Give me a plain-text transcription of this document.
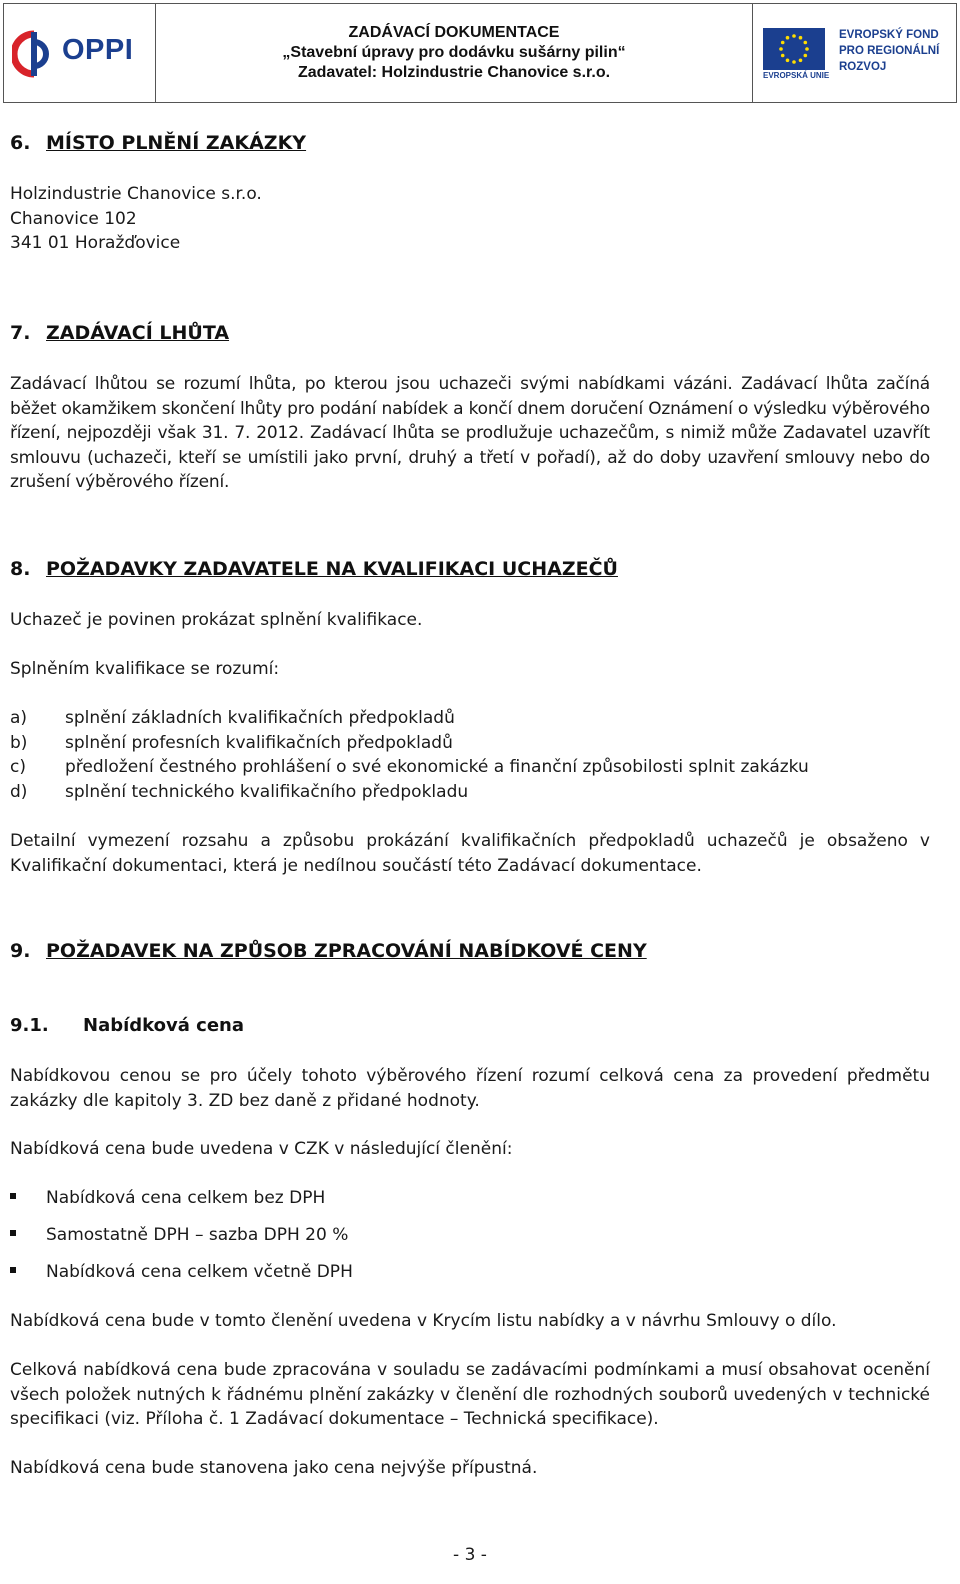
OPPI
ZADÁVACÍ DOKUMENTACE
„Stavební úpravy pro dodávku sušárny pilin“
Zadavatel: Holzindustrie Chanovice s.r.o.	EVROPSKÁ UNIE
EVROPSKÝ FOND
PRO REGIONÁLNÍ
ROZVOJ
6. MÍSTO PLNĚNÍ ZAKÁZKY
Holzindustrie Chanovice s.r.o.
Chanovice 102
341 01 Horažďovice
7. ZADÁVACÍ LHŮTA
Zadávací lhůtou se rozumí lhůta, po kterou jsou uchazeči svými nabídkami vázáni. Zadávací lhůta začíná běžet okamžikem skončení lhůty pro podání nabídek a končí dnem doručení Oznámení o výsledku výběrového řízení, nejpozději však 31. 7. 2012. Zadávací lhůta se prodlužuje uchazečům, s nimiž může Zadavatel uzavřít smlouvu (uchazeči, kteří se umístili jako první, druhý a třetí v pořadí), až do doby uzavření smlouvy nebo do zrušení výběrového řízení.
8. POŽADAVKY ZADAVATELE NA KVALIFIKACI UCHAZEČŮ
Uchazeč je povinen prokázat splnění kvalifikace.
Splněním kvalifikace se rozumí:
a) splnění základních kvalifikačních předpokladů
b) splnění profesních kvalifikačních předpokladů
c) předložení čestného prohlášení o své ekonomické a finanční způsobilosti splnit zakázku
d) splnění technického kvalifikačního předpokladu
Detailní vymezení rozsahu a způsobu prokázání kvalifikačních předpokladů uchazečů je obsaženo v Kvalifikační dokumentaci, která je nedílnou součástí této Zadávací dokumentace.
9. POŽADAVEK NA ZPŮSOB ZPRACOVÁNÍ NABÍDKOVÉ CENY
9.1. Nabídková cena
Nabídkovou cenou se pro účely tohoto výběrového řízení rozumí celková cena za provedení předmětu zakázky dle kapitoly 3. ZD bez daně z přidané hodnoty.
Nabídková cena bude uvedena v CZK v následující členění:
Nabídková cena celkem bez DPH
Samostatně DPH – sazba DPH 20 %
Nabídková cena celkem včetně DPH
Nabídková cena bude v tomto členění uvedena v Krycím listu nabídky a v návrhu Smlouvy o dílo.
Celková nabídková cena bude zpracována v souladu se zadávacími podmínkami a musí obsahovat ocenění všech položek nutných k řádnému plnění zakázky v členění dle rozhodných souborů uvedených v technické specifikaci (viz. Příloha č. 1 Zadávací dokumentace – Technická specifikace).
Nabídková cena bude stanovena jako cena nejvýše přípustná.
- 3 -
